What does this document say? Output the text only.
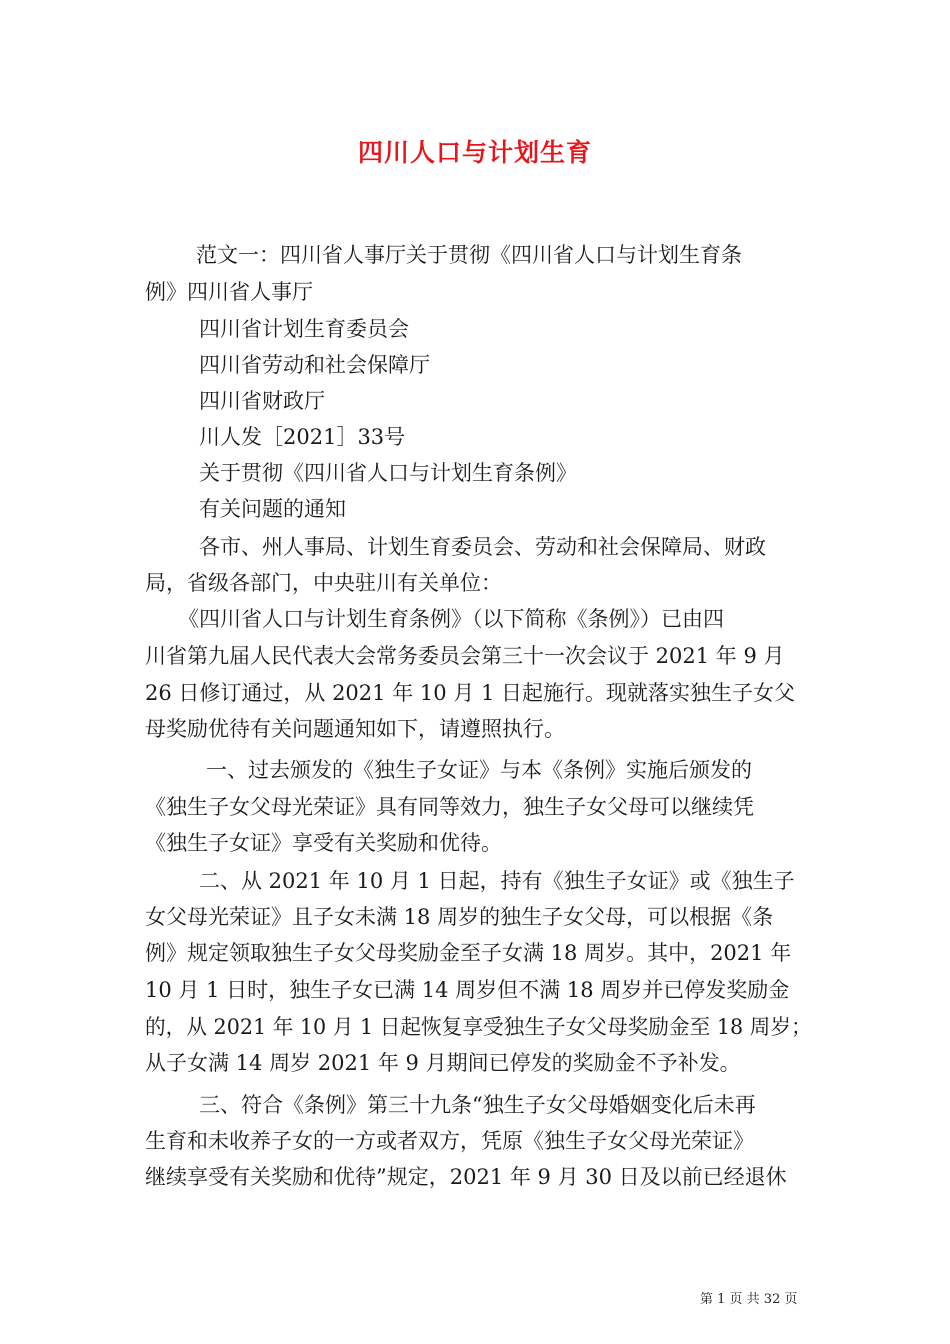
四川人口与计划生育
范文一：四川省人事厅关于贯彻《四川省人口与计划生育条
例》四川省人事厅
四川省计划生育委员会
四川省劳动和社会保障厅
四川省财政厅
川人发［2021］33号
关于贯彻《四川省人口与计划生育条例》
有关问题的通知
各市、州人事局、计划生育委员会、劳动和社会保障局、财政
局，省级各部门，中央驻川有关单位：
《四川省人口与计划生育条例》（以下简称《条例》）已由四
川省第九届人民代表大会常务委员会第三十一次会议于 2021 年 9 月
26 日修订通过，从 2021 年 10 月 1 日起施行。现就落实独生子女父
母奖励优待有关问题通知如下，请遵照执行。
一、过去颁发的《独生子女证》与本《条例》实施后颁发的
《独生子女父母光荣证》具有同等效力，独生子女父母可以继续凭
《独生子女证》享受有关奖励和优待。
二、从 2021 年 10 月 1 日起，持有《独生子女证》或《独生子
女父母光荣证》且子女未满 18 周岁的独生子女父母，可以根据《条
例》规定领取独生子女父母奖励金至子女满 18 周岁。其中，2021 年
10 月 1 日时，独生子女已满 14 周岁但不满 18 周岁并已停发奖励金
的，从 2021 年 10 月 1 日起恢复享受独生子女父母奖励金至 18 周岁；
从子女满 14 周岁 2021 年 9 月期间已停发的奖励金不予补发。
三、符合《条例》第三十九条“独生子女父母婚姻变化后未再
生育和未收养子女的一方或者双方，凭原《独生子女父母光荣证》
继续享受有关奖励和优待”规定，2021 年 9 月 30 日及以前已经退休
第 1 页 共 32 页
